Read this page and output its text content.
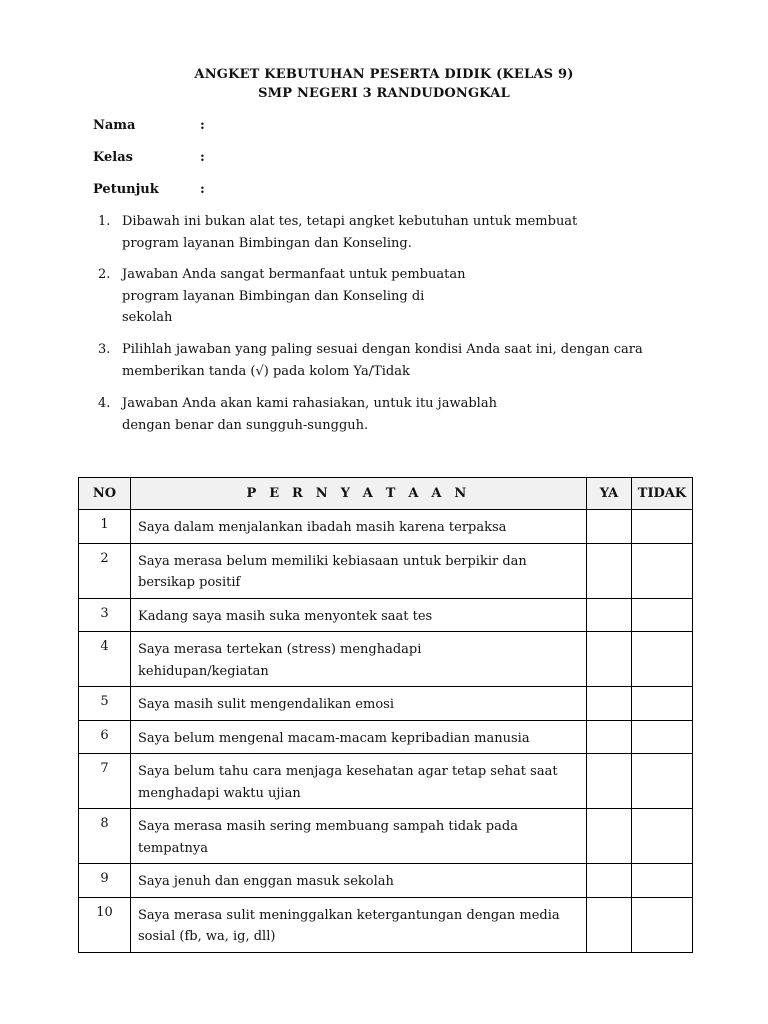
ANGKET KEBUTUHAN PESERTA DIDIK (KELAS 9)
SMP NEGERI 3 RANDUDONGKAL
Nama	:
Kelas	:
Petunjuk	:
1. Dibawah ini bukan alat tes, tetapi angket kebutuhan untuk membuat
program layanan Bimbingan dan Konseling.
2. Jawaban Anda sangat bermanfaat untuk pembuatan
program layanan Bimbingan dan Konseling di
sekolah
3. Pilihlah jawaban yang paling sesuai dengan kondisi Anda saat ini, dengan cara
memberikan tanda (√) pada kolom Ya/Tidak
4. Jawaban Anda akan kami rahasiakan, untuk itu jawablah
dengan benar dan sungguh-sungguh.
NO	P E R N Y A T A A N	YA	TIDAK
1	Saya dalam menjalankan ibadah masih karena terpaksa		
2	Saya merasa belum memiliki kebiasaan untuk berpikir dan
bersikap positif		
3	Kadang saya masih suka menyontek saat tes		
4	Saya merasa tertekan (stress) menghadapi
kehidupan/kegiatan		
5	Saya masih sulit mengendalikan emosi		
6	Saya belum mengenal macam-macam kepribadian manusia		
7	Saya belum tahu cara menjaga kesehatan agar tetap sehat saat
menghadapi waktu ujian		
8	Saya merasa masih sering membuang sampah tidak pada
tempatnya		
9	Saya jenuh dan enggan masuk sekolah		
10	Saya merasa sulit meninggalkan ketergantungan dengan media
sosial (fb, wa, ig, dll)		
